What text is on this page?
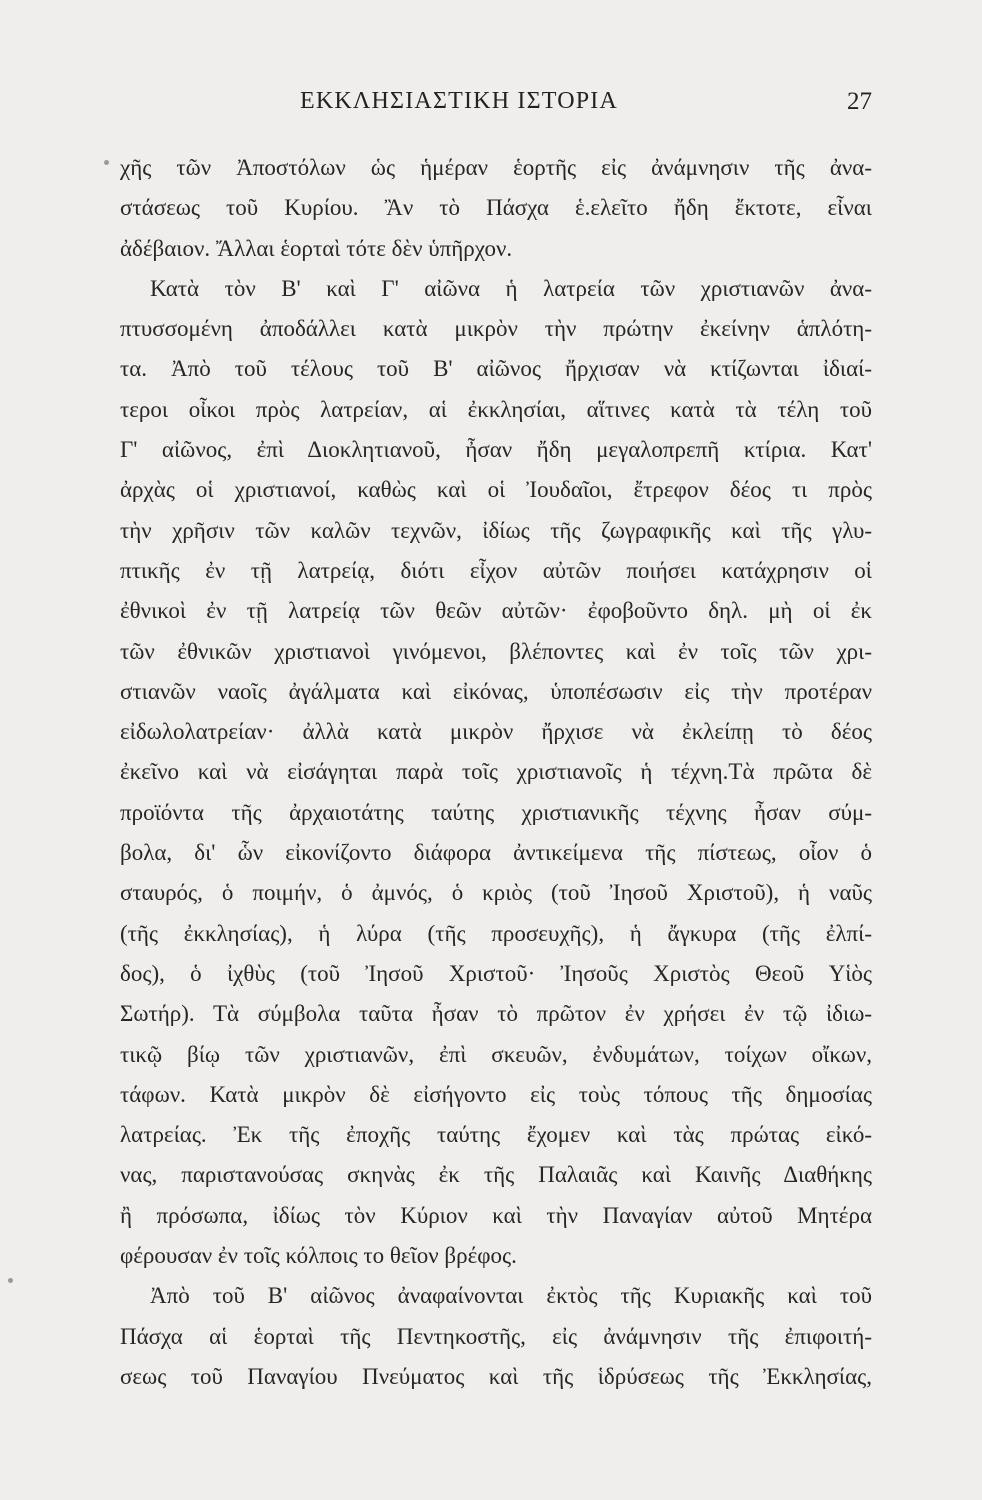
ΕΚΚΛΗΣΙΑΣΤΙΚΗ ΙΣΤΟΡΙΑ	27
χῆς τῶν Ἀποστόλων ὡς ἡμέραν ἑορτῆς εἰς ἀνάμνησιν τῆς ἀνα-
στάσεως τοῦ Κυρίου. Ἂν τὸ Πάσχα ἑ.ελεῖτο ἤδη ἔκτοτε, εἶναι
ἀδέβαιον. Ἄλλαι ἑορταὶ τότε δὲν ὑπῆρχον.
Κατὰ τὸν Β' καὶ Γ' αἰῶνα ἡ λατρεία τῶν χριστιανῶν ἀνα-
πτυσσομένη ἀποδάλλει κατὰ μικρὸν τὴν πρώτην ἐκείνην ἁπλότη-
τα. Ἀπὸ τοῦ τέλους τοῦ Β' αἰῶνος ἤρχισαν νὰ κτίζωνται ἰδιαί-
τεροι οἶκοι πρὸς λατρείαν, αἱ ἐκκλησίαι, αἵτινες κατὰ τὰ τέλη τοῦ
Γ' αἰῶνος, ἐπὶ Διοκλητιανοῦ, ἦσαν ἤδη μεγαλοπρεπῆ κτίρια. Κατ'
ἀρχὰς οἱ χριστιανοί, καθὼς καὶ οἱ Ἰουδαῖοι, ἔτρεφον δέος τι πρὸς
τὴν χρῆσιν τῶν καλῶν τεχνῶν, ἰδίως τῆς ζωγραφικῆς καὶ τῆς γλυ-
πτικῆς ἐν τῇ λατρείᾳ, διότι εἶχον αὐτῶν ποιήσει κατάχρησιν οἱ
ἐθνικοὶ ἐν τῇ λατρείᾳ τῶν θεῶν αὐτῶν· ἐφοβοῦντο δηλ. μὴ οἱ ἐκ
τῶν ἐθνικῶν χριστιανοὶ γινόμενοι, βλέποντες καὶ ἐν τοῖς τῶν χρι-
στιανῶν ναοῖς ἀγάλματα καὶ εἰκόνας, ὑποπέσωσιν εἰς τὴν προτέραν
εἰδωλολατρείαν· ἀλλὰ κατὰ μικρὸν ἤρχισε νὰ ἐκλείπῃ τὸ δέος
ἐκεῖνο καὶ νὰ εἰσάγηται παρὰ τοῖς χριστιανοῖς ἡ τέχνη.Τὰ πρῶτα δὲ
προϊόντα τῆς ἀρχαιοτάτης ταύτης χριστιανικῆς τέχνης ἦσαν σύμ-
βολα, δι' ὧν εἰκονίζοντο διάφορα ἀντικείμενα τῆς πίστεως, οἷον ὁ
σταυρός, ὁ ποιμήν, ὁ ἀμνός, ὁ κριὸς (τοῦ Ἰησοῦ Χριστοῦ), ἡ ναῦς
(τῆς ἐκκλησίας), ἡ λύρα (τῆς προσευχῆς), ἡ ἄγκυρα (τῆς ἐλπί-
δος), ὁ ἰχθὺς (τοῦ Ἰησοῦ Χριστοῦ· Ἰησοῦς Χριστὸς Θεοῦ Υἱὸς
Σωτήρ). Τὰ σύμβολα ταῦτα ἦσαν τὸ πρῶτον ἐν χρήσει ἐν τῷ ἰδιω-
τικῷ βίῳ τῶν χριστιανῶν, ἐπὶ σκευῶν, ἐνδυμάτων, τοίχων οἴκων,
τάφων. Κατὰ μικρὸν δὲ εἰσήγοντο εἰς τοὺς τόπους τῆς δημοσίας
λατρείας. Ἐκ τῆς ἐποχῆς ταύτης ἔχομεν καὶ τὰς πρώτας εἰκό-
νας, παριστανούσας σκηνὰς ἐκ τῆς Παλαιᾶς καὶ Καινῆς Διαθήκης
ἢ πρόσωπα, ἰδίως τὸν Κύριον καὶ τὴν Παναγίαν αὐτοῦ Μητέρα
φέρουσαν ἐν τοῖς κόλποις το θεῖον βρέφος.
Ἀπὸ τοῦ Β' αἰῶνος ἀναφαίνονται ἐκτὸς τῆς Κυριακῆς καὶ τοῦ
Πάσχα αἱ ἑορταὶ τῆς Πεντηκοστῆς, εἰς ἀνάμνησιν τῆς ἐπιφοιτή-
σεως τοῦ Παναγίου Πνεύματος καὶ τῆς ἱδρύσεως τῆς Ἐκκλησίας,
